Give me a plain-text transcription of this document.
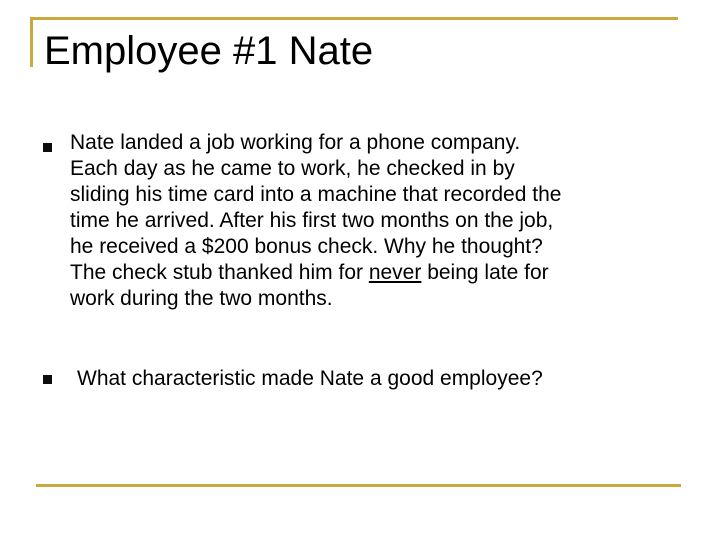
Employee #1 Nate

Nate landed a job working for a phone company.
Each day as he came to work, he checked in by
sliding his time card into a machine that recorded the
time he arrived. After his first two months on the job,
he received a $200 bonus check. Why he thought?
The check stub thanked him for never being late for
work during the two months.

What characteristic made Nate a good employee?
